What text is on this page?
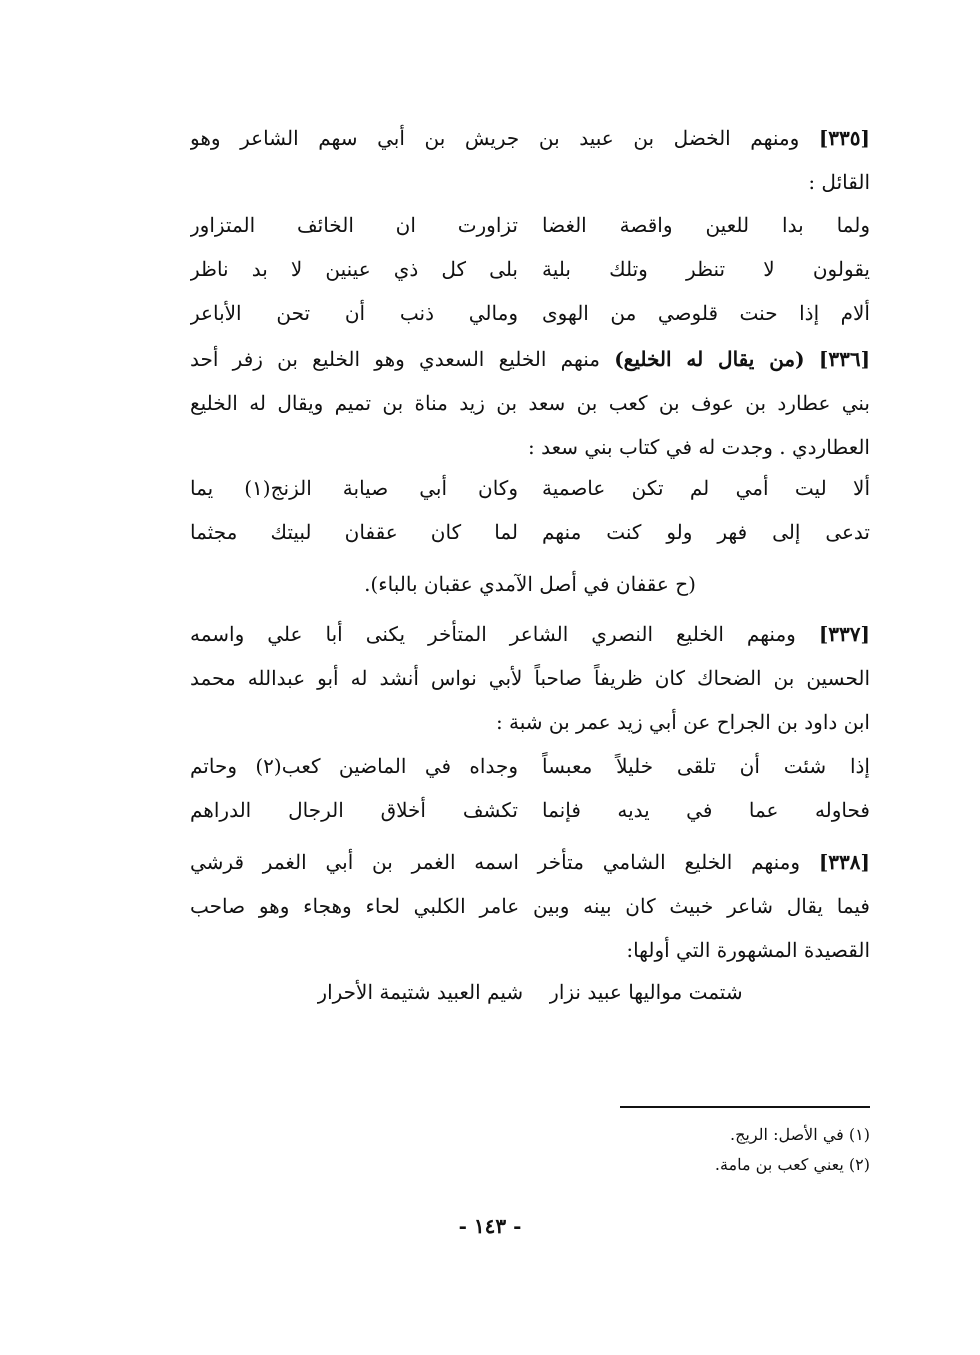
[٣٣٥] ومنهم الخضل بن عبيد بن جريش بن أبي سهم الشاعر وهو
القائل :
ولما بدا للعين واقصة الغضا
تزاورت ان الخائف المتزاور
يقولون لا تنظر وتلك بلية
بلى كل ذي عينين لا بد ناظر
ألام إذا حنت قلوصي من الهوى
ومالي ذنب أن تحن الأباعر
[٣٣٦] (من يقال له الخليع) منهم الخليع السعدي وهو الخليع بن زفر أحد
بني عطارد بن عوف بن كعب بن سعد بن زيد مناة بن تميم ويقال له الخليع
العطاردي . وجدت له في كتاب بني سعد :
ألا ليت أمي لم تكن عاصمية
وكان أبي صيابة الزنج(١) يما
تدعى إلى فهر ولو كنت منهم
لما كان عقفان لبيتك مجثما
(ح عقفان في أصل الآمدي عقبان بالباء).
[٣٣٧] ومنهم الخليع النصري الشاعر المتأخر يكنى أبا علي واسمه
الحسين بن الضحاك كان ظريفاً صاحباً لأبي نواس أنشد له أبو عبدالله محمد
ابن داود بن الجراح عن أبي زيد عمر بن شبة :
إذا شئت أن تلقى خليلاً معبساً
وجداه في الماضين كعب(٢) وحاتم
فحاوله عما في يديه فإنما
تكشف أخلاق الرجال الدراهم
[٣٣٨] ومنهم الخليع الشامي متأخر اسمه الغمر بن أبي الغمر قرشي
فيما يقال شاعر خبيث كان بينه وبين عامر الكلبي لحاء وهجاء وهو صاحب
القصيدة المشهورة التي أولها:
شتمت مواليها عبيد نزار
شيم العبيد شتيمة الأحرار
(١) في الأصل: الريج.
(٢) يعني كعب بن مامة.
- ١٤٣ -
